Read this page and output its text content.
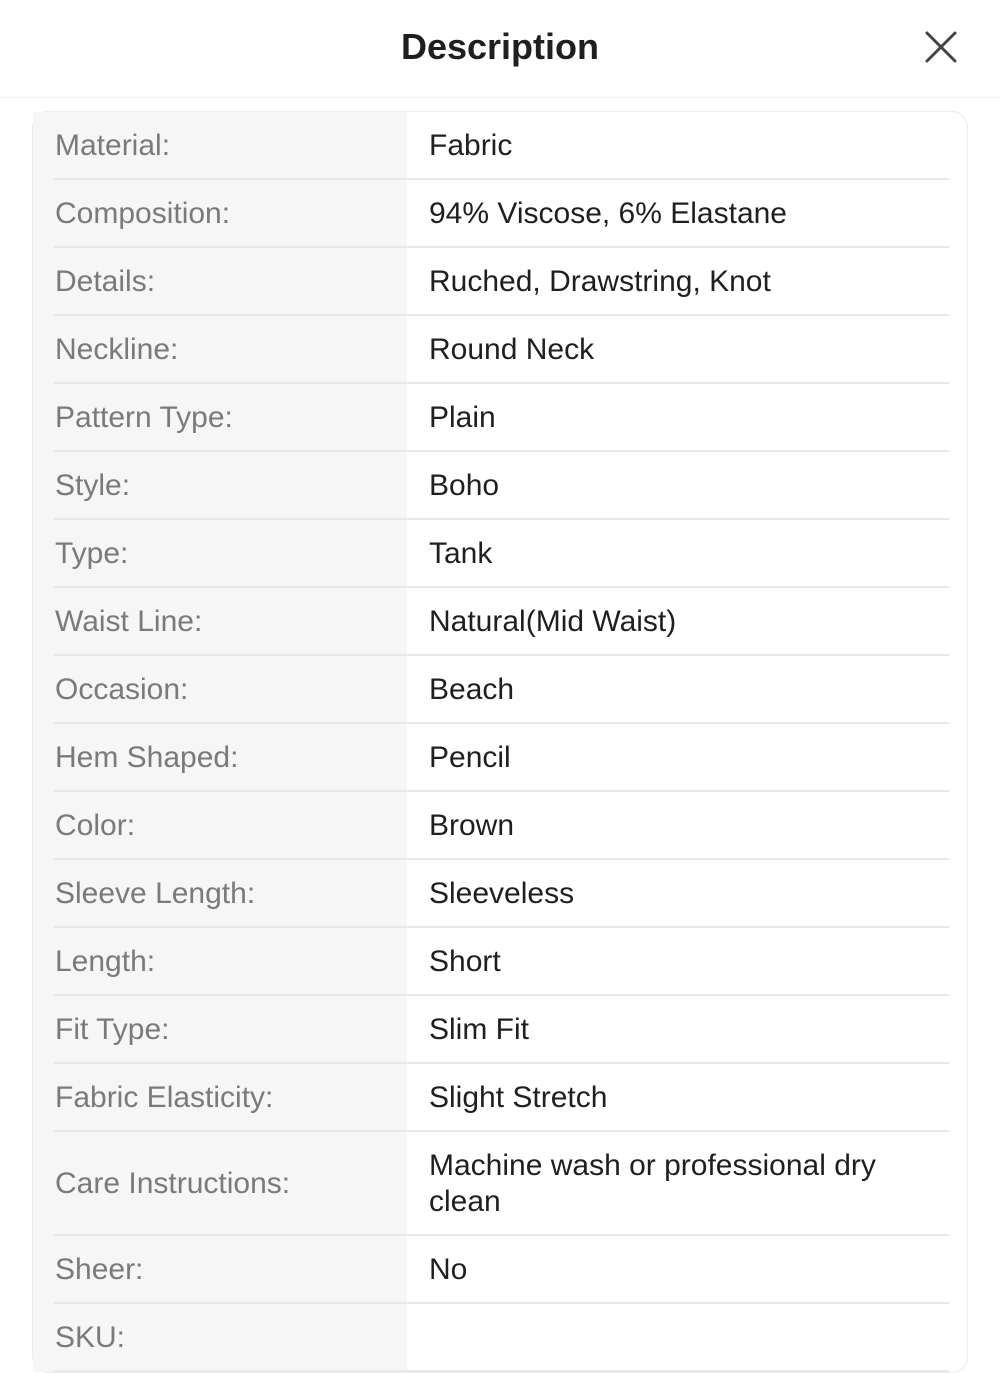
Description
Material:	Fabric
Composition:	94% Viscose, 6% Elastane
Details:	Ruched, Drawstring, Knot
Neckline:	Round Neck
Pattern Type:	Plain
Style:	Boho
Type:	Tank
Waist Line:	Natural(Mid Waist)
Occasion:	Beach
Hem Shaped:	Pencil
Color:	Brown
Sleeve Length:	Sleeveless
Length:	Short
Fit Type:	Slim Fit
Fabric Elasticity:	Slight Stretch
Care Instructions:
Machine wash or professional dry clean
Sheer:	No
SKU:
